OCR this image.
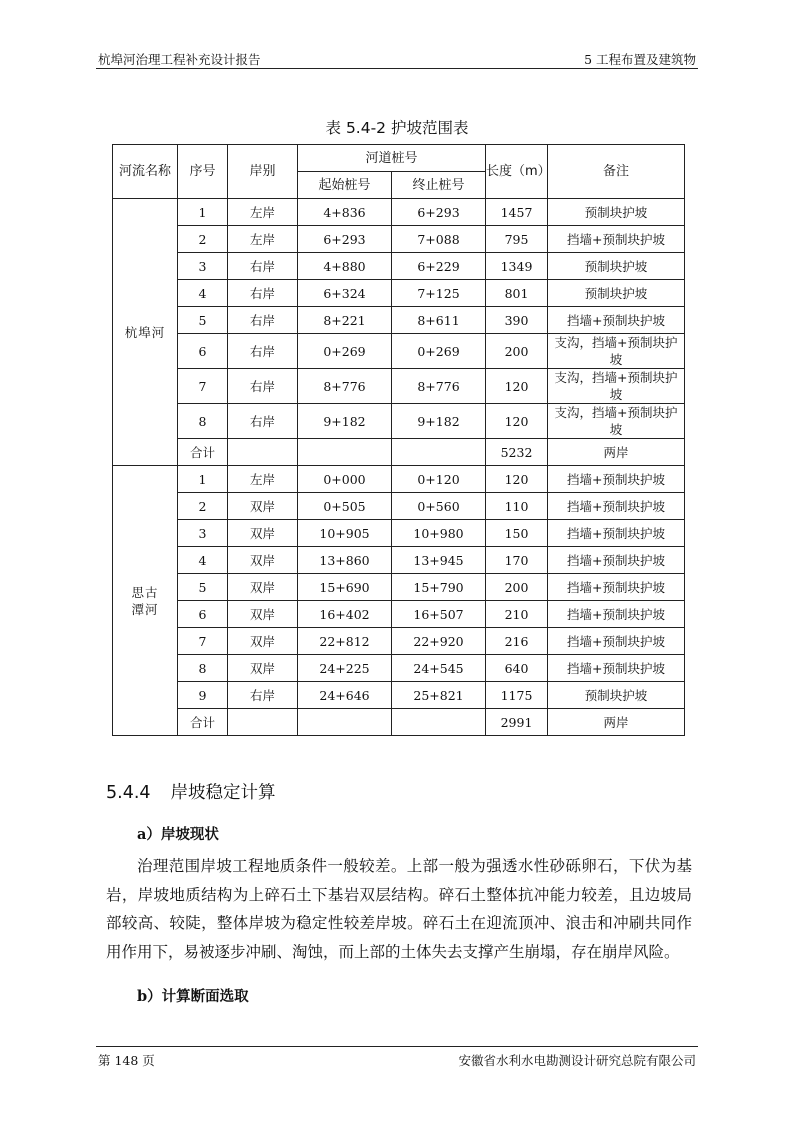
杭埠河治理工程补充设计报告	5 工程布置及建筑物
表 5.4-2 护坡范围表
河流名称	序号	岸别	河道桩号		长度（m）	备注
			起始桩号	终止桩号		
杭埠河	1	左岸	4+836	6+293	1457	预制块护坡
	2	左岸	6+293	7+088	795	挡墙+预制块护坡
	3	右岸	4+880	6+229	1349	预制块护坡
	4	右岸	6+324	7+125	801	预制块护坡
	5	右岸	8+221	8+611	390	挡墙+预制块护坡
	6	右岸	0+269	0+269	200	支沟，挡墙+预制块护坡
	7	右岸	8+776	8+776	120	支沟，挡墙+预制块护坡
	8	右岸	9+182	9+182	120	支沟，挡墙+预制块护坡
	合计				5232	两岸
思古潭河	1	左岸	0+000	0+120	120	挡墙+预制块护坡
	2	双岸	0+505	0+560	110	挡墙+预制块护坡
	3	双岸	10+905	10+980	150	挡墙+预制块护坡
	4	双岸	13+860	13+945	170	挡墙+预制块护坡
	5	双岸	15+690	15+790	200	挡墙+预制块护坡
	6	双岸	16+402	16+507	210	挡墙+预制块护坡
	7	双岸	22+812	22+920	216	挡墙+预制块护坡
	8	双岸	24+225	24+545	640	挡墙+预制块护坡
	9	右岸	24+646	25+821	1175	预制块护坡
	合计				2991	两岸
5.4.4 岸坡稳定计算
a）岸坡现状

治理范围岸坡工程地质条件一般较差。上部一般为强透水性砂砾卵石，下伏为基岩，岸坡地质结构为上碎石土下基岩双层结构。碎石土整体抗冲能力较差，且边坡局部较高、较陡，整体岸坡为稳定性较差岸坡。碎石土在迎流顶冲、浪击和冲刷共同作用作用下，易被逐步冲刷、淘蚀，而上部的土体失去支撑产生崩塌，存在崩岸风险。

b）计算断面选取
第 148 页	安徽省水利水电勘测设计研究总院有限公司
